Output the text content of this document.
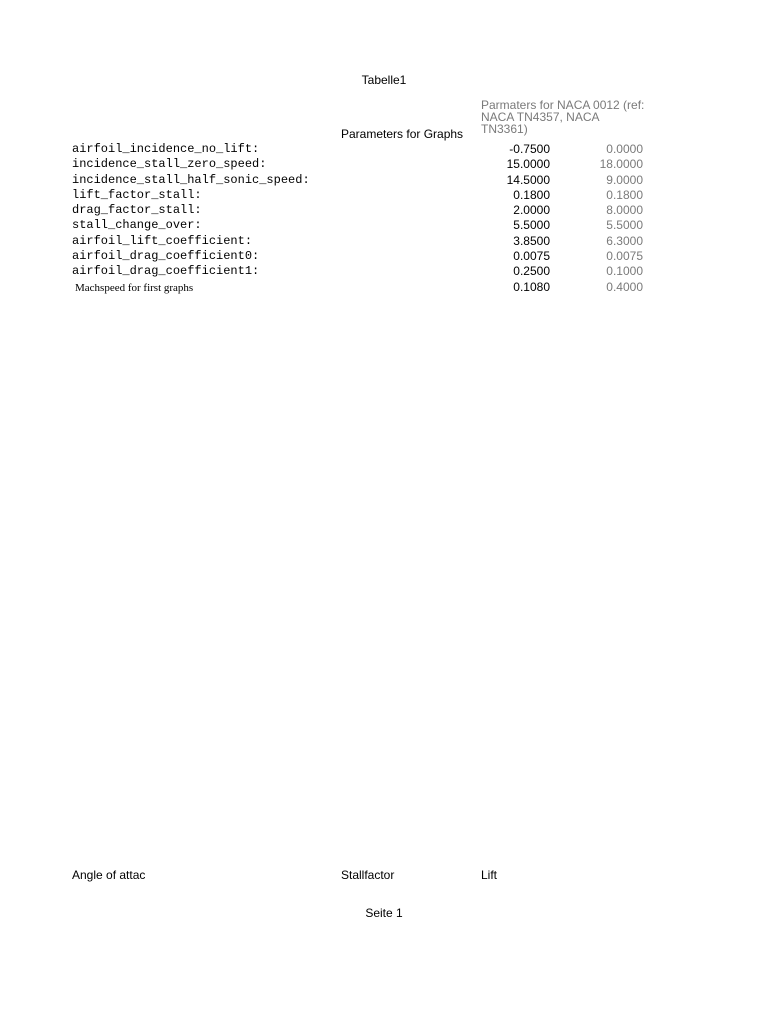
Tabelle1
Parameters for Graphs
Parmaters for NACA 0012 (ref: NACA TN4357, NACA TN3361)
airfoil_incidence_no_lift:	-0.7500	0.0000
incidence_stall_zero_speed:	15.0000	18.0000
incidence_stall_half_sonic_speed:	14.5000	9.0000
lift_factor_stall:	0.1800	0.1800
drag_factor_stall:	2.0000	8.0000
stall_change_over:	5.5000	5.5000
airfoil_lift_coefficient:	3.8500	6.3000
airfoil_drag_coefficient0:	0.0075	0.0075
airfoil_drag_coefficient1:	0.2500	0.1000
Machspeed for first graphs	0.1080	0.4000
Angle of attac	Stallfactor	Lift
Seite 1
